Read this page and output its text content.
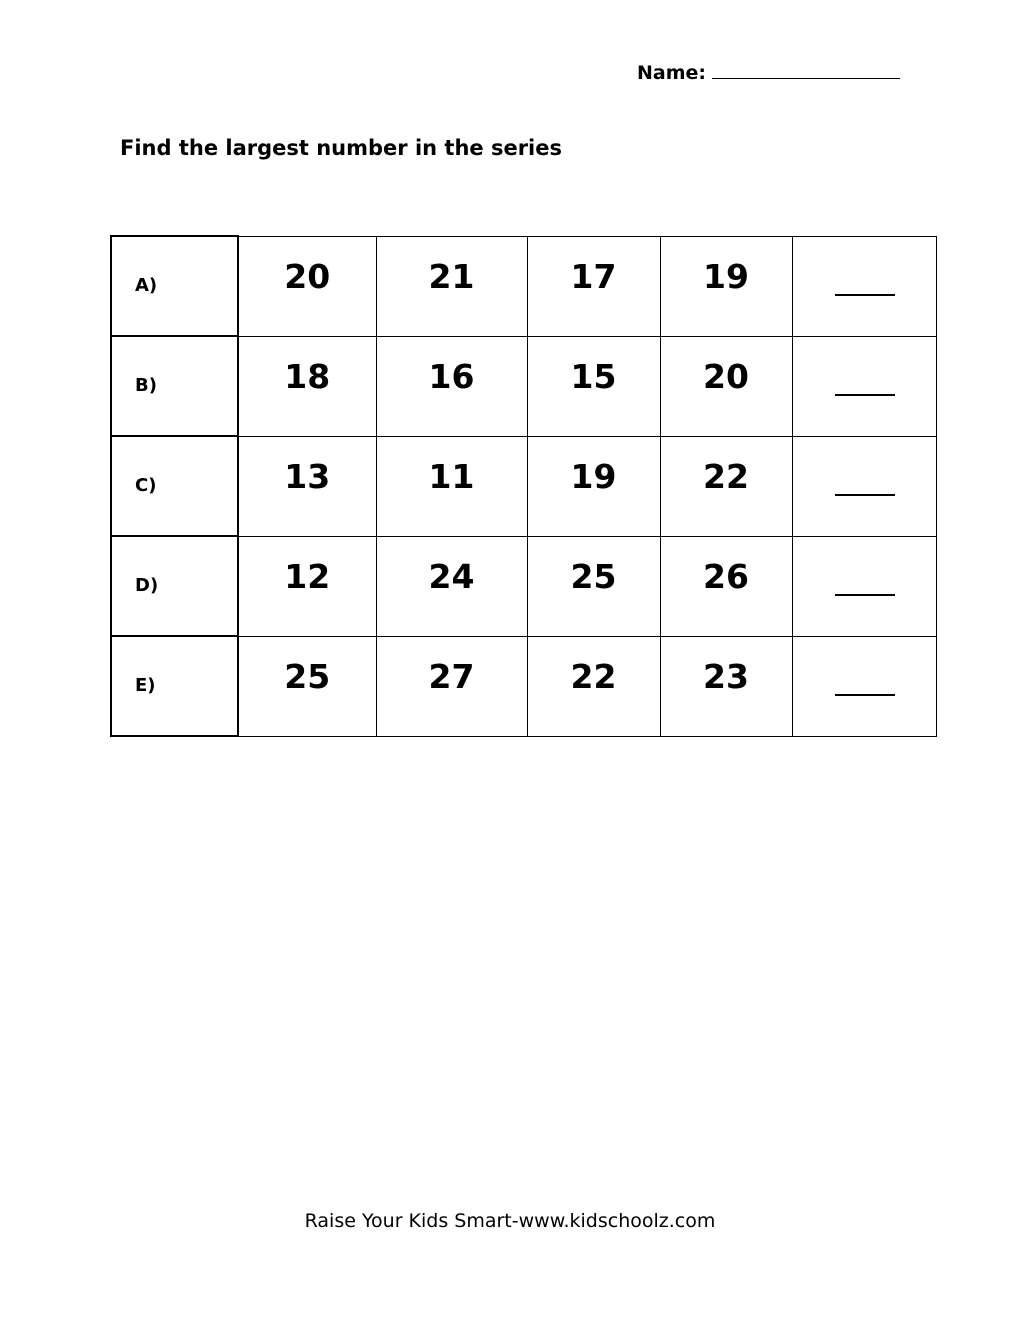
Name:
Find the largest number in the series
A)	20	21	17	19	

B)	18	16	15	20	

C)	13	11	19	22	

D)	12	24	25	26	

E)	25	27	22	23	

Raise Your Kids Smart-www.kidschoolz.com
